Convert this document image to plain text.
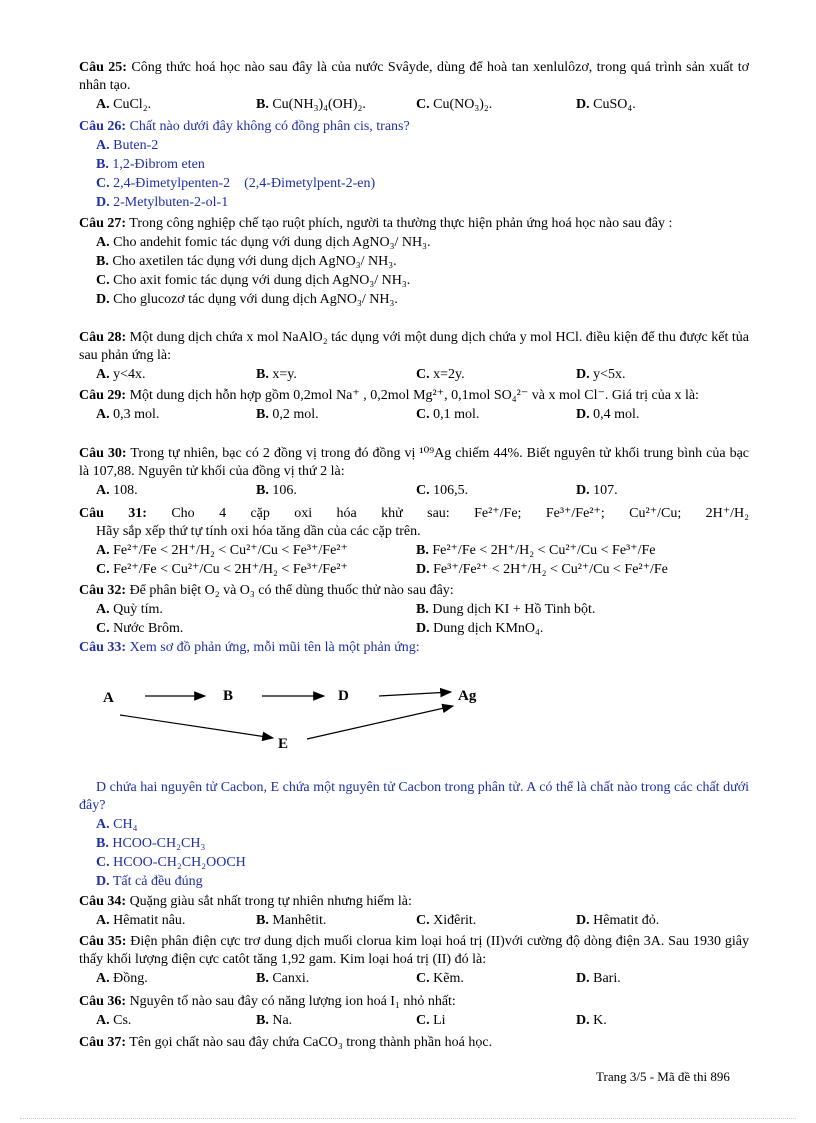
Câu 25: Công thức hoá học nào sau đây là của nước Svâyde, dùng để hoà tan xenlulôzơ, trong quá trình sản xuất tơ nhân tạo.
A. CuCl₂.	B. Cu(NH₃)₄(OH)₂.	C. Cu(NO₃)₂.	D. CuSO₄.
Câu 26: Chất nào dưới đây không có đồng phân cis, trans?
A. Buten-2
B. 1,2-Đibrom eten
C. 2,4-Đimetylpenten-2    (2,4-Đimetylpent-2-en)
D. 2-Metylbuten-2-ol-1
Câu 27: Trong công nghiệp chế tạo ruột phích, người ta thường thực hiện phản ứng hoá học nào sau đây :
A. Cho andehit fomic tác dụng với dung dịch AgNO₃/ NH₃.
B. Cho axetilen tác dụng với dung dịch AgNO₃/ NH₃.
C. Cho axit fomic tác dụng với dung dịch AgNO₃/ NH₃.
D. Cho glucozơ tác dụng với dung dịch AgNO₃/ NH₃.
Câu 28: Một dung dịch chứa x mol NaAlO₂ tác dụng với một dung dịch chứa y mol HCl. điều kiện để thu được kết tủa sau phản ứng là:
A. y<4x.	B. x=y.	C. x=2y.	D. y<5x.
Câu 29: Một dung dịch hỗn hợp gồm 0,2mol Na⁺ , 0,2mol Mg²⁺, 0,1mol SO₄²⁻ và x mol Cl⁻. Giá trị của x là:
A. 0,3 mol.	B. 0,2 mol.	C. 0,1 mol.	D. 0,4 mol.
Câu 30: Trong tự nhiên, bạc có 2 đồng vị trong đó đồng vị ¹⁰⁹Ag chiếm 44%. Biết nguyên tử khối trung bình của bạc là 107,88. Nguyên tử khối của đồng vị thứ 2 là:
A. 108.	B. 106.	C. 106,5.	D. 107.
Câu 31: Cho 4 cặp oxi hóa khử sau: Fe²⁺/Fe; Fe³⁺/Fe²⁺; Cu²⁺/Cu; 2H⁺/H₂
Hãy sắp xếp thứ tự tính oxi hóa tăng dần của các cặp trên.
A. Fe²⁺/Fe < 2H⁺/H₂ < Cu²⁺/Cu < Fe³⁺/Fe²⁺	B. Fe²⁺/Fe < 2H⁺/H₂ < Cu²⁺/Cu < Fe³⁺/Fe
C. Fe²⁺/Fe < Cu²⁺/Cu < 2H⁺/H₂ < Fe³⁺/Fe²⁺	D. Fe³⁺/Fe²⁺ < 2H⁺/H₂ < Cu²⁺/Cu < Fe²⁺/Fe
Câu 32: Để phân biệt O₂ và O₃ có thể dùng thuốc thử nào sau đây:
A. Quỳ tím.	B. Dung dịch KI + Hồ Tinh bột.
C. Nước Brôm.	D. Dung dịch KMnO₄.
Câu 33: Xem sơ đồ phản ứng, mỗi mũi tên là một phản ứng:
A	B	D	Ag
E
D chứa hai nguyên tử Cacbon, E chứa một nguyên tử Cacbon trong phân tử. A có thể là chất nào trong các chất dưới đây?
A. CH₄
B. HCOO-CH₂CH₃
C. HCOO-CH₂CH₂OOCH
D. Tất cả đều đúng
Câu 34: Quặng giàu sắt nhất trong tự nhiên nhưng hiếm là:
A. Hêmatit nâu.	B. Manhêtit.	C. Xiđêrit.	D. Hêmatit đỏ.
Câu 35: Điện phân điện cực trơ dung dịch muối clorua kim loại hoá trị (II)với cường độ dòng điện 3A. Sau 1930 giây thấy khối lượng điện cực catôt tăng 1,92 gam. Kim loại hoá trị (II) đó là:
A. Đồng.	B. Canxi.	C. Kẽm.	D. Bari.
Câu 36: Nguyên tố nào sau đây có năng lượng ion hoá I₁ nhỏ nhất:
A. Cs.	B. Na.	C. Li	D. K.
Câu 37: Tên gọi chất nào sau đây chứa CaCO₃ trong thành phần hoá học.
Trang 3/5 - Mã đề thi 896
